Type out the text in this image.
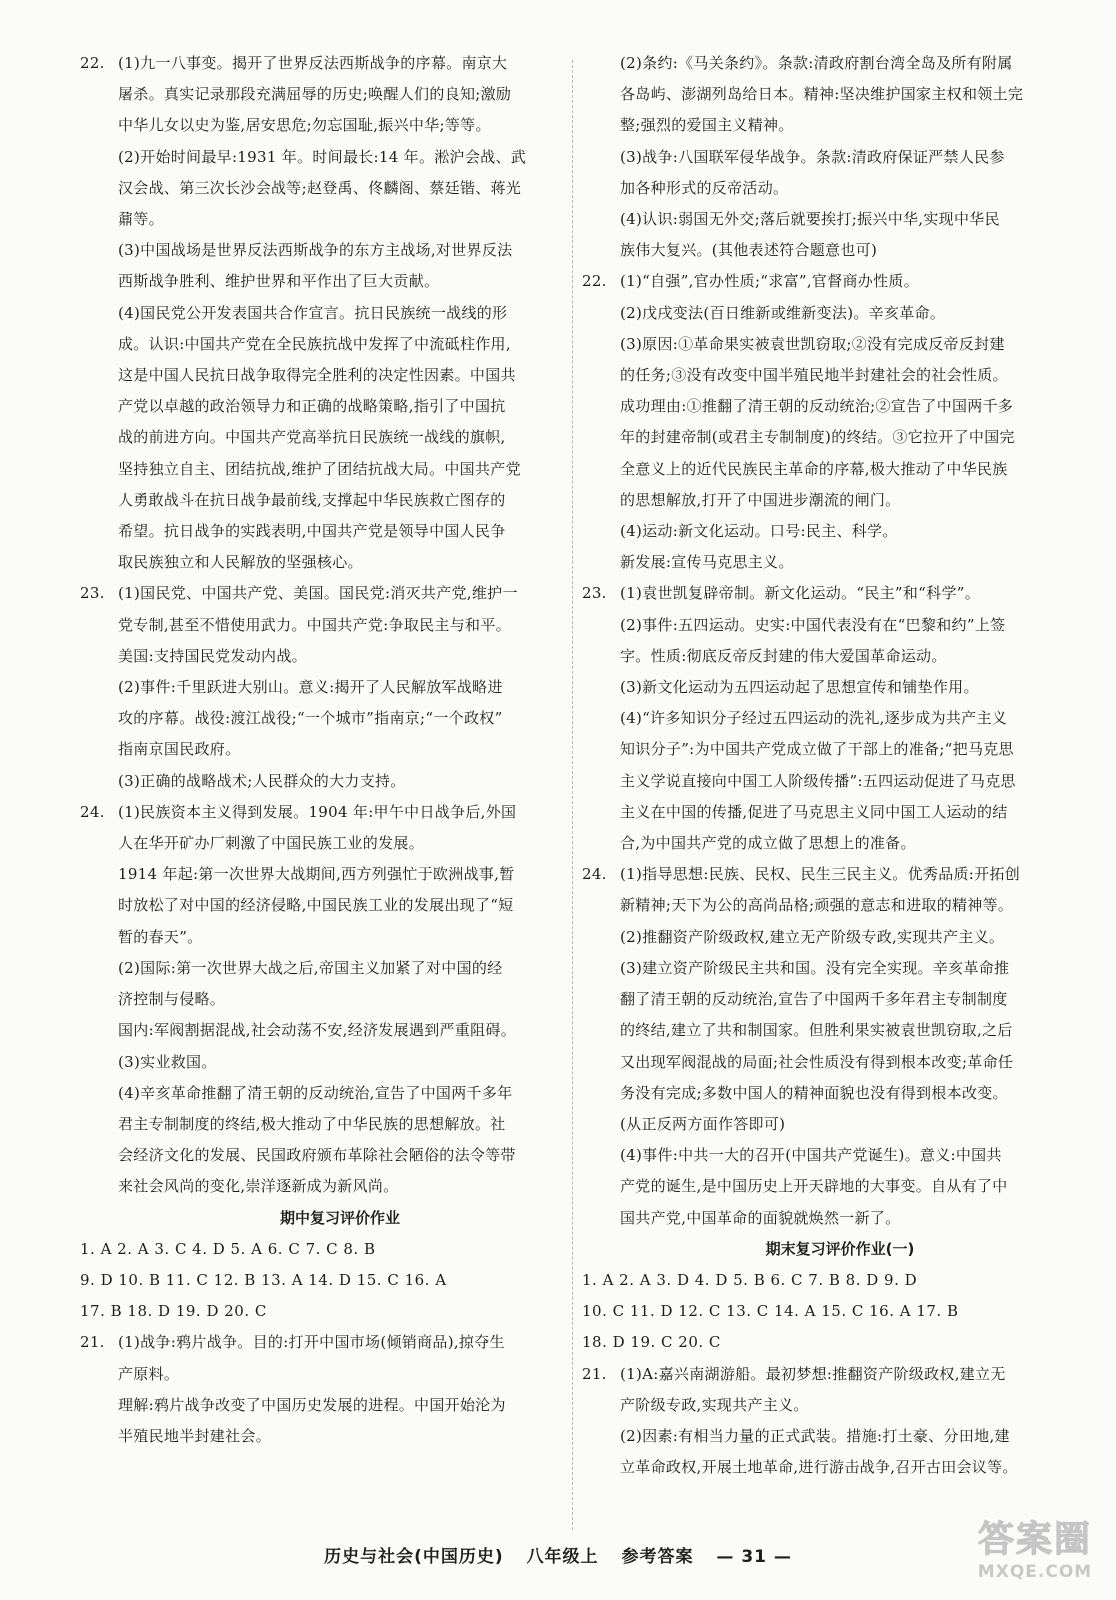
22. (1)九一八事变。揭开了世界反法西斯战争的序幕。南京大
屠杀。真实记录那段充满屈辱的历史;唤醒人们的良知;激励
中华儿女以史为鉴,居安思危;勿忘国耻,振兴中华;等等。
(2)开始时间最早:1931 年。时间最长:14 年。淞沪会战、武
汉会战、第三次长沙会战等;赵登禹、佟麟阁、蔡廷锴、蒋光
鼐等。
(3)中国战场是世界反法西斯战争的东方主战场,对世界反法
西斯战争胜利、维护世界和平作出了巨大贡献。
(4)国民党公开发表国共合作宣言。抗日民族统一战线的形
成。认识:中国共产党在全民族抗战中发挥了中流砥柱作用,
这是中国人民抗日战争取得完全胜利的决定性因素。中国共
产党以卓越的政治领导力和正确的战略策略,指引了中国抗
战的前进方向。中国共产党高举抗日民族统一战线的旗帜,
坚持独立自主、团结抗战,维护了团结抗战大局。中国共产党
人勇敢战斗在抗日战争最前线,支撑起中华民族救亡图存的
希望。抗日战争的实践表明,中国共产党是领导中国人民争
取民族独立和人民解放的坚强核心。
23. (1)国民党、中国共产党、美国。国民党:消灭共产党,维护一
党专制,甚至不惜使用武力。中国共产党:争取民主与和平。
美国:支持国民党发动内战。
(2)事件:千里跃进大别山。意义:揭开了人民解放军战略进
攻的序幕。战役:渡江战役;“一个城市”指南京;“一个政权”
指南京国民政府。
(3)正确的战略战术;人民群众的大力支持。
24. (1)民族资本主义得到发展。1904 年:甲午中日战争后,外国
人在华开矿办厂刺激了中国民族工业的发展。
1914 年起:第一次世界大战期间,西方列强忙于欧洲战事,暂
时放松了对中国的经济侵略,中国民族工业的发展出现了“短
暂的春天”。
(2)国际:第一次世界大战之后,帝国主义加紧了对中国的经
济控制与侵略。
国内:军阀割据混战,社会动荡不安,经济发展遇到严重阻碍。
(3)实业救国。
(4)辛亥革命推翻了清王朝的反动统治,宣告了中国两千多年
君主专制制度的终结,极大推动了中华民族的思想解放。社
会经济文化的发展、民国政府颁布革除社会陋俗的法令等带
来社会风尚的变化,崇洋逐新成为新风尚。
期中复习评价作业
1. A 2. A 3. C 4. D 5. A 6. C 7. C 8. B
9. D 10. B 11. C 12. B 13. A 14. D 15. C 16. A
17. B 18. D 19. D 20. C
21. (1)战争:鸦片战争。目的:打开中国市场(倾销商品),掠夺生
产原料。
理解:鸦片战争改变了中国历史发展的进程。中国开始沦为
半殖民地半封建社会。
(2)条约:《马关条约》。条款:清政府割台湾全岛及所有附属
各岛屿、澎湖列岛给日本。精神:坚决维护国家主权和领土完
整;强烈的爱国主义精神。
(3)战争:八国联军侵华战争。条款:清政府保证严禁人民参
加各种形式的反帝活动。
(4)认识:弱国无外交;落后就要挨打;振兴中华,实现中华民
族伟大复兴。(其他表述符合题意也可)
22. (1)“自强”,官办性质;“求富”,官督商办性质。
(2)戊戌变法(百日维新或维新变法)。辛亥革命。
(3)原因:①革命果实被袁世凯窃取;②没有完成反帝反封建
的任务;③没有改变中国半殖民地半封建社会的社会性质。
成功理由:①推翻了清王朝的反动统治;②宣告了中国两千多
年的封建帝制(或君主专制制度)的终结。③它拉开了中国完
全意义上的近代民族民主革命的序幕,极大推动了中华民族
的思想解放,打开了中国进步潮流的闸门。
(4)运动:新文化运动。口号:民主、科学。
新发展:宣传马克思主义。
23. (1)袁世凯复辟帝制。新文化运动。“民主”和“科学”。
(2)事件:五四运动。史实:中国代表没有在“巴黎和约”上签
字。性质:彻底反帝反封建的伟大爱国革命运动。
(3)新文化运动为五四运动起了思想宣传和铺垫作用。
(4)“许多知识分子经过五四运动的洗礼,逐步成为共产主义
知识分子”:为中国共产党成立做了干部上的准备;“把马克思
主义学说直接向中国工人阶级传播”:五四运动促进了马克思
主义在中国的传播,促进了马克思主义同中国工人运动的结
合,为中国共产党的成立做了思想上的准备。
24. (1)指导思想:民族、民权、民生三民主义。优秀品质:开拓创
新精神;天下为公的高尚品格;顽强的意志和进取的精神等。
(2)推翻资产阶级政权,建立无产阶级专政,实现共产主义。
(3)建立资产阶级民主共和国。没有完全实现。辛亥革命推
翻了清王朝的反动统治,宣告了中国两千多年君主专制制度
的终结,建立了共和制国家。但胜利果实被袁世凯窃取,之后
又出现军阀混战的局面;社会性质没有得到根本改变;革命任
务没有完成;多数中国人的精神面貌也没有得到根本改变。
(从正反两方面作答即可)
(4)事件:中共一大的召开(中国共产党诞生)。意义:中国共
产党的诞生,是中国历史上开天辟地的大事变。自从有了中
国共产党,中国革命的面貌就焕然一新了。
期末复习评价作业(一)
1. A 2. A 3. D 4. D 5. B 6. C 7. B 8. D 9. D
10. C 11. D 12. C 13. C 14. A 15. C 16. A 17. B
18. D 19. C 20. C
21. (1)A:嘉兴南湖游船。最初梦想:推翻资产阶级政权,建立无
产阶级专政,实现共产主义。
(2)因素:有相当力量的正式武装。措施:打土豪、分田地,建
立革命政权,开展土地革命,进行游击战争,召开古田会议等。
历史与社会(中国历史) 八年级上 参考答案 — 31 —	答案圈
MXQE.COM
